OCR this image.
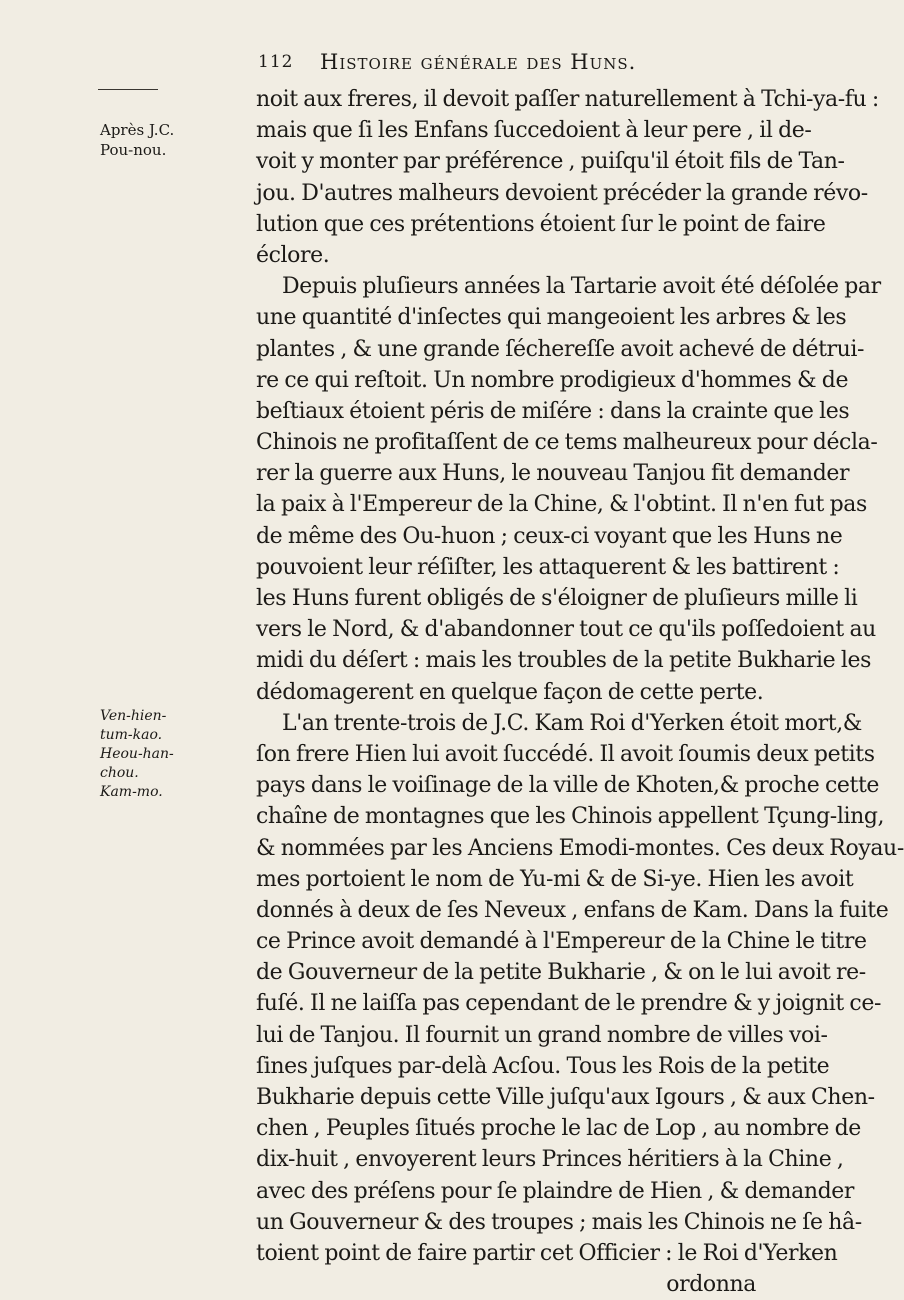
112 Histoire générale des Huns.
Après J.C.
Pou-nou.
Ven-hien-
tum-kao.
Heou-han-
chou.
Kam-mo.
noit aux freres, il devoit paſſer naturellement à Tchi-ya-fu :
mais que ſi les Enfans ſuccedoient à leur pere , il de-
voit y monter par préférence , puiſqu'il étoit fils de Tan-
jou. D'autres malheurs devoient précéder la grande révo-
lution que ces prétentions étoient ſur le point de faire
éclore.
Depuis pluſieurs années la Tartarie avoit été déſolée par
une quantité d'inſectes qui mangeoient les arbres & les
plantes , & une grande ſéchereſſe avoit achevé de détrui-
re ce qui reſtoit. Un nombre prodigieux d'hommes & de
beſtiaux étoient péris de miſére : dans la crainte que les
Chinois ne profitaſſent de ce tems malheureux pour décla-
rer la guerre aux Huns, le nouveau Tanjou fit demander
la paix à l'Empereur de la Chine, & l'obtint. Il n'en fut pas
de même des Ou-huon ; ceux-ci voyant que les Huns ne
pouvoient leur réſiſter, les attaquerent & les battirent :
les Huns furent obligés de s'éloigner de pluſieurs mille li
vers le Nord, & d'abandonner tout ce qu'ils poſſedoient au
midi du déſert : mais les troubles de la petite Bukharie les
dédomagerent en quelque façon de cette perte.
L'an trente-trois de J.C. Kam Roi d'Yerken étoit mort,&
ſon frere Hien lui avoit ſuccédé. Il avoit ſoumis deux petits
pays dans le voiſinage de la ville de Khoten,& proche cette
chaîne de montagnes que les Chinois appellent Tçung-ling,
& nommées par les Anciens Emodi-montes. Ces deux Royau-
mes portoient le nom de Yu-mi & de Si-ye. Hien les avoit
donnés à deux de ſes Neveux , enfans de Kam. Dans la fuite
ce Prince avoit demandé à l'Empereur de la Chine le titre
de Gouverneur de la petite Bukharie , & on le lui avoit re-
fuſé. Il ne laiſſa pas cependant de le prendre & y joignit ce-
lui de Tanjou. Il fournit un grand nombre de villes voi-
ſines juſques par-delà Acſou. Tous les Rois de la petite
Bukharie depuis cette Ville juſqu'aux Igours , & aux Chen-
chen , Peuples ſitués proche le lac de Lop , au nombre de
dix-huit , envoyerent leurs Princes héritiers à la Chine ,
avec des préſens pour ſe plaindre de Hien , & demander
un Gouverneur & des troupes ; mais les Chinois ne ſe hâ-
toient point de faire partir cet Officier : le Roi d'Yerken
ordonna
